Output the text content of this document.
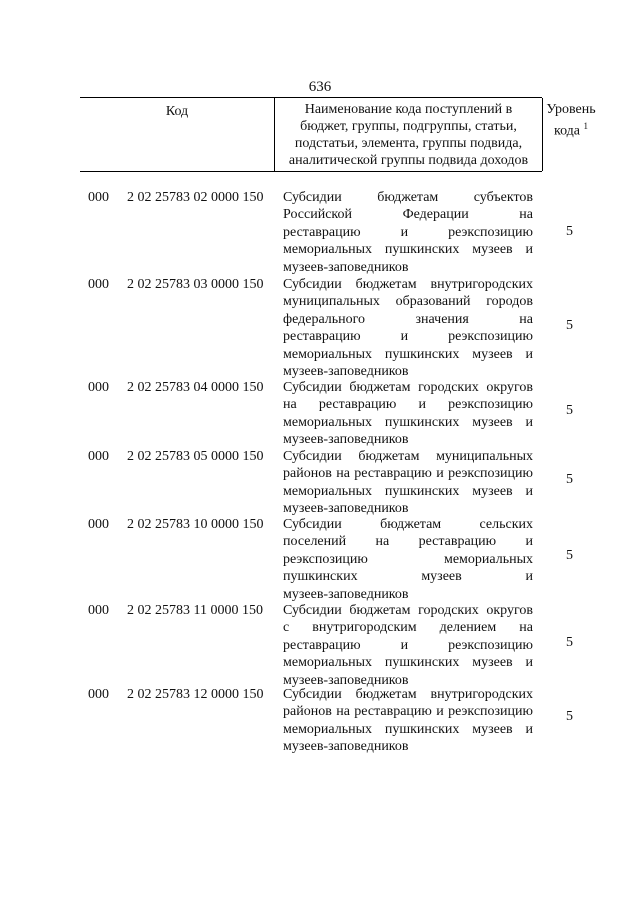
636
Код	Наименование кода поступлений в
бюджет, группы, подгруппы, статьи,
подстатьи, элемента, группы подвида,
аналитической группы подвида доходов
Уровень
кода $^1$
000 2 02 25783 02 0000 150 Субсидии бюджетам субъектов
Российской Федерации на
реставрацию и реэкспозицию
мемориальных пушкинских музеев и
музеев-заповедников
5
000 2 02 25783 03 0000 150 Субсидии бюджетам внутригородских
муниципальных образований городов
федерального значения на
реставрацию и реэкспозицию
мемориальных пушкинских музеев и
музеев-заповедников
5
000 2 02 25783 04 0000 150 Субсидии бюджетам городских округов
на реставрацию и реэкспозицию
мемориальных пушкинских музеев и
музеев-заповедников
5
000 2 02 25783 05 0000 150 Субсидии бюджетам муниципальных
районов на реставрацию и реэкспозицию
мемориальных пушкинских музеев и
музеев-заповедников
5
000 2 02 25783 10 0000 150 Субсидии бюджетам сельских
поселений на реставрацию и
реэкспозицию мемориальных
пушкинских музеев и
музеев-заповедников
5
000 2 02 25783 11 0000 150 Субсидии бюджетам городских округов
с внутригородским делением на
реставрацию и реэкспозицию
мемориальных пушкинских музеев и
музеев-заповедников
5
000 2 02 25783 12 0000 150 Субсидии бюджетам внутригородских
районов на реставрацию и реэкспозицию
мемориальных пушкинских музеев и
музеев-заповедников
5
